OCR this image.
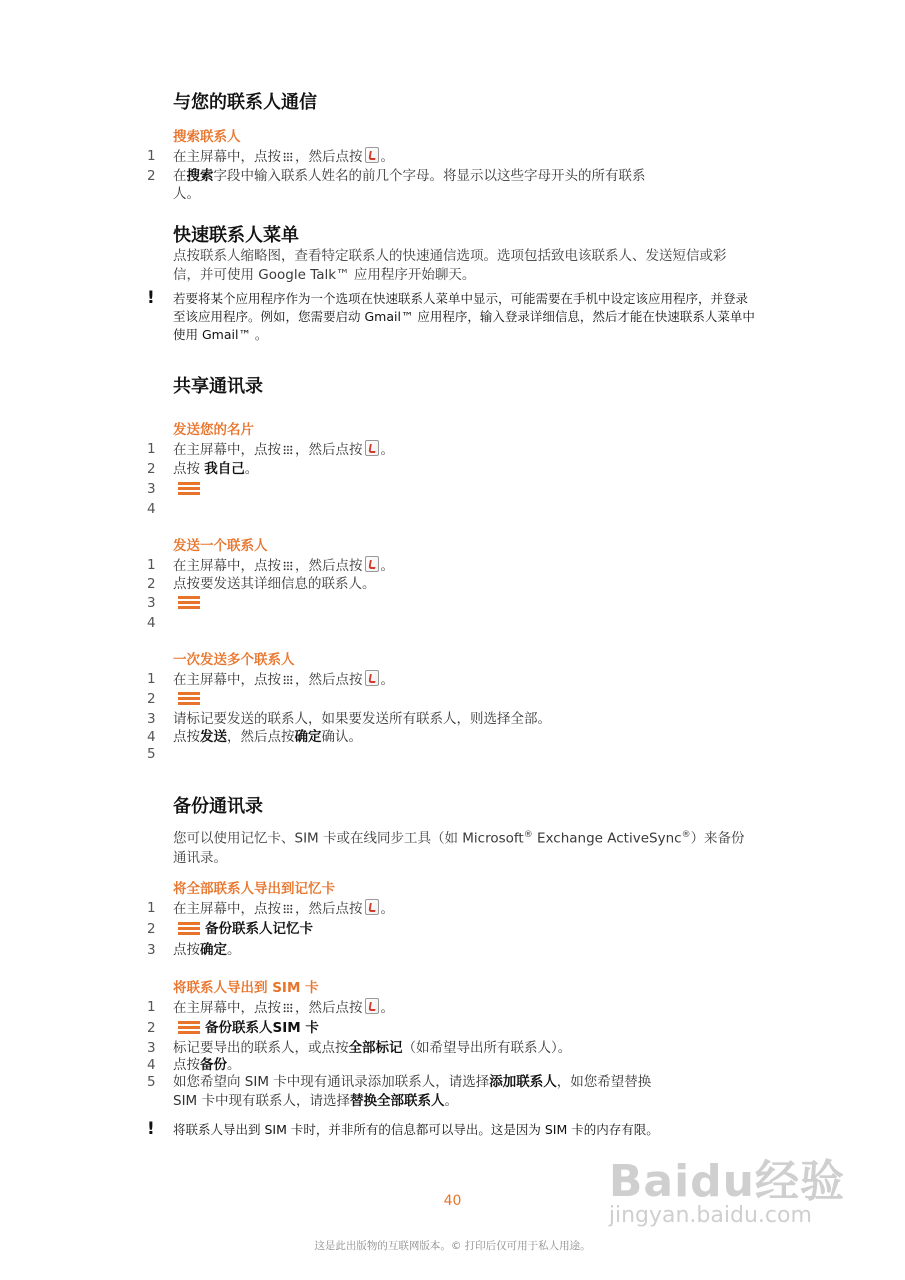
与您的联系人通信
搜索联系人
1	在主屏幕中，点按 ，然后点按 。
2	在搜索字段中输入联系人姓名的前几个字母。将显示以这些字母开头的所有联系
人。
快速联系人菜单
点按联系人缩略图，查看特定联系人的快速通信选项。选项包括致电该联系人、发送短信或彩信，并可使用 Google Talk™ 应用程序开始聊天。
! 若要将某个应用程序作为一个选项在快速联系人菜单中显示，可能需要在手机中设定该应用程序，并登录至该应用程序。例如，您需要启动 Gmail™ 应用程序，输入登录详细信息，然后才能在快速联系人菜单中使用 Gmail™ 。
共享通讯录
发送您的名片
1	在主屏幕中，点按 ，然后点按 。
2	点按 我自己。
3
4
发送一个联系人
1	在主屏幕中，点按 ，然后点按 。
2	点按要发送其详细信息的联系人。
3
4
一次发送多个联系人
1	在主屏幕中，点按 ，然后点按 。
2
3	请标记要发送的联系人，如果要发送所有联系人，则选择全部。
4	点按发送，然后点按确定确认。
5
备份通讯录
您可以使用记忆卡、SIM 卡或在线同步工具（如 Microsoft® Exchange ActiveSync®）来备份通讯录。
将全部联系人导出到记忆卡
1	在主屏幕中，点按 ，然后点按 。
2	备份联系人记忆卡
3	点按确定。
将联系人导出到 SIM 卡
1	在主屏幕中，点按 ，然后点按 。
2	备份联系人SIM 卡
3	标记要导出的联系人，或点按全部标记（如希望导出所有联系人）。
4	点按备份。
5	如您希望向 SIM 卡中现有通讯录添加联系人，请选择添加联系人，如您希望替换
SIM 卡中现有联系人，请选择替换全部联系人。
! 将联系人导出到 SIM 卡时，并非所有的信息都可以导出。这是因为 SIM 卡的内存有限。
40
这是此出版物的互联网版本。© 打印后仅可用于私人用途。
Baidu经验
jingyan.baidu.com
